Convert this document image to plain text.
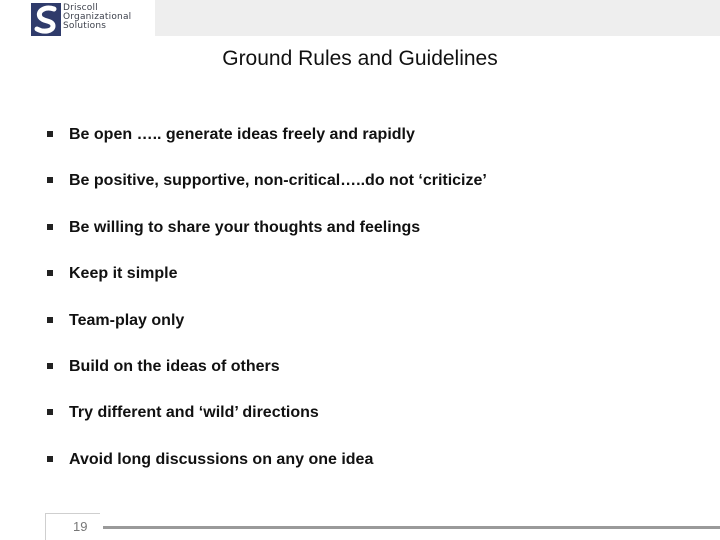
Driscoll
Organizational
Solutions
Ground Rules and Guidelines
Be open ….. generate ideas freely and rapidly
Be positive, supportive, non-critical…..do not ‘criticize’
Be willing to share your thoughts and feelings
Keep it simple
Team-play only
Build on the ideas of others
Try different and ‘wild’ directions
Avoid long discussions on any one idea
19
